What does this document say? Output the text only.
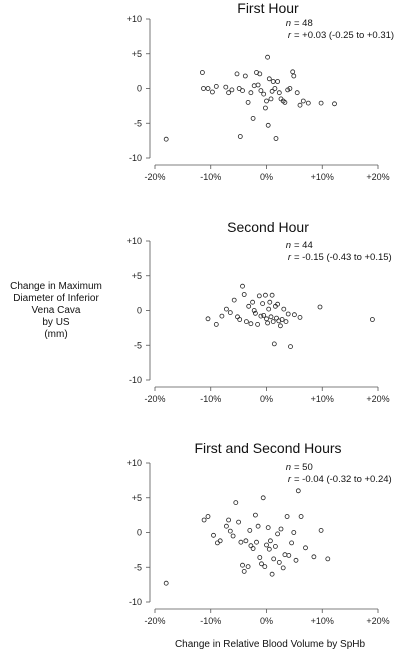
Change in Maximum
Diameter of Inferior
Vena Cava
by US
(mm)
Change in Relative Blood Volume by SpHb
First Hour
+10
+5
0
-5
-10
-20%	-10%	0%	+10%	+20%
n = 48
r = +0.03 (-0.25 to +0.31)
Second Hour
+10
+5
0
-5
-10
-20%	-10%	0%	+10%	+20%
n = 44
r = -0.15 (-0.43 to +0.15)
First and Second Hours
+10
+5
0
-5
-10
-20%	-10%	0%	+10%	+20%
n = 50
r = -0.04 (-0.32 to +0.24)
